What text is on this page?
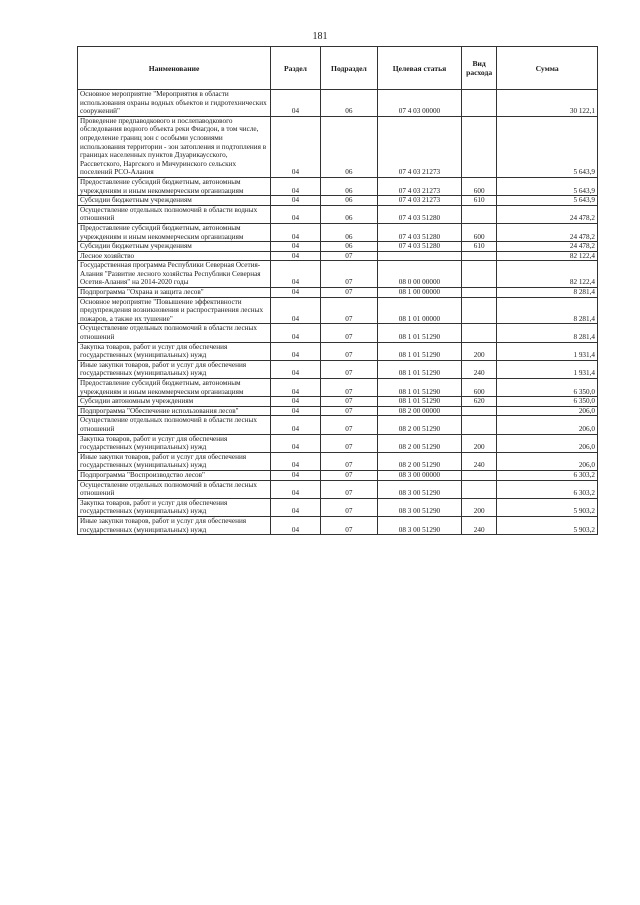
181
Наименование	Раздел	Подраздел	Целевая статья	Вид расхода	Сумма
Основное мероприятие "Мероприятия в области использования охраны водных объектов и гидротехнических сооружений"	04	06	07 4 03 00000		30 122,1
Проведение предпаводкового и послепаводкового обследования водного объекта реки Фиагдон, в том числе, определение границ зон с особыми условиями использования территории - зон затопления и подтопления в границах населенных пунктов Дзуарикаусского, Рассветского, Наргского и Мичуринского сельских поселений РСО-Алания	04	06	07 4 03 21273		5 643,9
Предоставление субсидий бюджетным, автономным учреждениям и иным некоммерческим организациям	04	06	07 4 03 21273	600	5 643,9
Субсидии бюджетным учреждениям	04	06	07 4 03 21273	610	5 643,9
Осуществление отдельных полномочий в области водных отношений	04	06	07 4 03 51280		24 478,2
Предоставление субсидий бюджетным, автономным учреждениям и иным некоммерческим организациям	04	06	07 4 03 51280	600	24 478,2
Субсидии бюджетным учреждениям	04	06	07 4 03 51280	610	24 478,2
Лесное хозяйство	04	07			82 122,4
Государственная программа Республики Северная Осетия-Алания "Развитие лесного хозяйства Республики Северная Осетия-Алания" на 2014-2020 годы	04	07	08 0 00 00000		82 122,4
Подпрограмма "Охрана и защита лесов"	04	07	08 1 00 00000		8 281,4
Основное мероприятие "Повышение эффективности предупреждения возникновения и распространения лесных пожаров, а также их тушение"	04	07	08 1 01 00000		8 281,4
Осуществление отдельных полномочий в области лесных отношений	04	07	08 1 01 51290		8 281,4
Закупка товаров, работ и услуг для обеспечения государственных (муниципальных) нужд	04	07	08 1 01 51290	200	1 931,4
Иные закупки товаров, работ и услуг для обеспечения государственных (муниципальных) нужд	04	07	08 1 01 51290	240	1 931,4
Предоставление субсидий бюджетным, автономным учреждениям и иным некоммерческим организациям	04	07	08 1 01 51290	600	6 350,0
Субсидии автономным учреждениям	04	07	08 1 01 51290	620	6 350,0
Подпрограмма "Обеспечение использования лесов"	04	07	08 2 00 00000		206,0
Осуществление отдельных полномочий в области лесных отношений	04	07	08 2 00 51290		206,0
Закупка товаров, работ и услуг для обеспечения государственных (муниципальных) нужд	04	07	08 2 00 51290	200	206,0
Иные закупки товаров, работ и услуг для обеспечения государственных (муниципальных) нужд	04	07	08 2 00 51290	240	206,0
Подпрограмма "Воспроизводство лесов"	04	07	08 3 00 00000		6 303,2
Осуществление отдельных полномочий в области лесных отношений	04	07	08 3 00 51290		6 303,2
Закупка товаров, работ и услуг для обеспечения государственных (муниципальных) нужд	04	07	08 3 00 51290	200	5 903,2
Иные закупки товаров, работ и услуг для обеспечения государственных (муниципальных) нужд	04	07	08 3 00 51290	240	5 903,2
